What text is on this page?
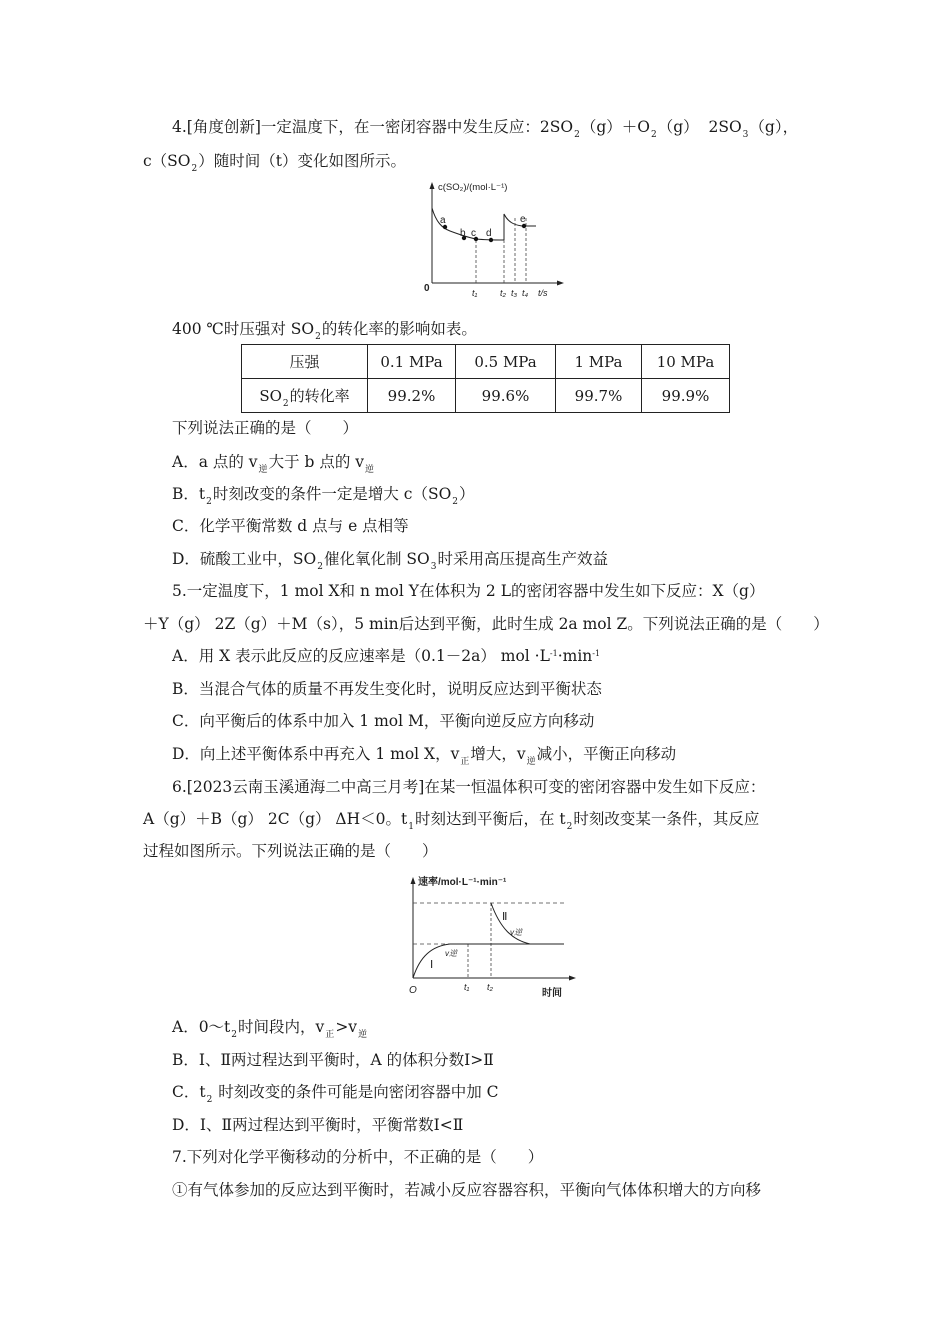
4.[角度创新]一定温度下，在一密闭容器中发生反应：$2SO_2(g)+O_2(g)$ $2SO_3(g)$，
$c(SO_2)$随时间（t）变化如图所示。
c(SO₂)/(mol·L⁻¹)
0
a
b c d
e
t₁	t₂ t₃ t₄ t/s
400 ℃时压强对 $SO_2$的转化率的影响如表。
压强	0.1 MPa	0.5 MPa	1 MPa	10 MPa
$SO_2$的转化率	99.2%	99.6%	99.7%	99.9%
下列说法正确的是（　　）
A．a 点的 $v_逆$大于 b 点的 $v_逆$
B．$t_2$时刻改变的条件一定是增大 $c(SO_2)$
C．化学平衡常数 d 点与 e 点相等
D．硫酸工业中，$SO_2$催化氧化制 $SO_3$时采用高压提高生产效益
5.一定温度下，1 mol X和 n mol Y在体积为 2 L的密闭容器中发生如下反应：X（g）
＋Y（g） 2Z（g）＋M（s），5 min后达到平衡，此时生成 2a mol Z。下列说法正确的是（　　）
A．用 X 表示此反应的反应速率是（0.1－2a） mol $\cdot L^{-1}\cdot\min^{-1}$
B．当混合气体的质量不再发生变化时，说明反应达到平衡状态
C．向平衡后的体系中加入 1 mol M，平衡向逆反应方向移动
D．向上述平衡体系中再充入 1 mol X，$v_正$增大，$v_逆$减小，平衡正向移动
6.[2023云南玉溪通海二中高三月考]在某一恒温体积可变的密闭容器中发生如下反应：
A（g）＋B（g） 2C（g） ΔH＜0。$t_1$时刻达到平衡后，在 $t_2$时刻改变某一条件，其反应
过程如图所示。下列说法正确的是（　　）
速率/mol·L⁻¹·min⁻¹
O	时间
Ⅰ
Ⅱ
v逆
v逆
t₁ t₂
A．$0\sim t_2$时间段内，$v_正>v_逆$
B．Ⅰ、Ⅱ两过程达到平衡时，A 的体积分数Ⅰ>Ⅱ
C．$t_2$ 时刻改变的条件可能是向密闭容器中加 C
D．Ⅰ、Ⅱ两过程达到平衡时，平衡常数Ⅰ<Ⅱ
7.下列对化学平衡移动的分析中，不正确的是（　　）
①有气体参加的反应达到平衡时，若减小反应容器容积，平衡向气体体积增大的方向移
